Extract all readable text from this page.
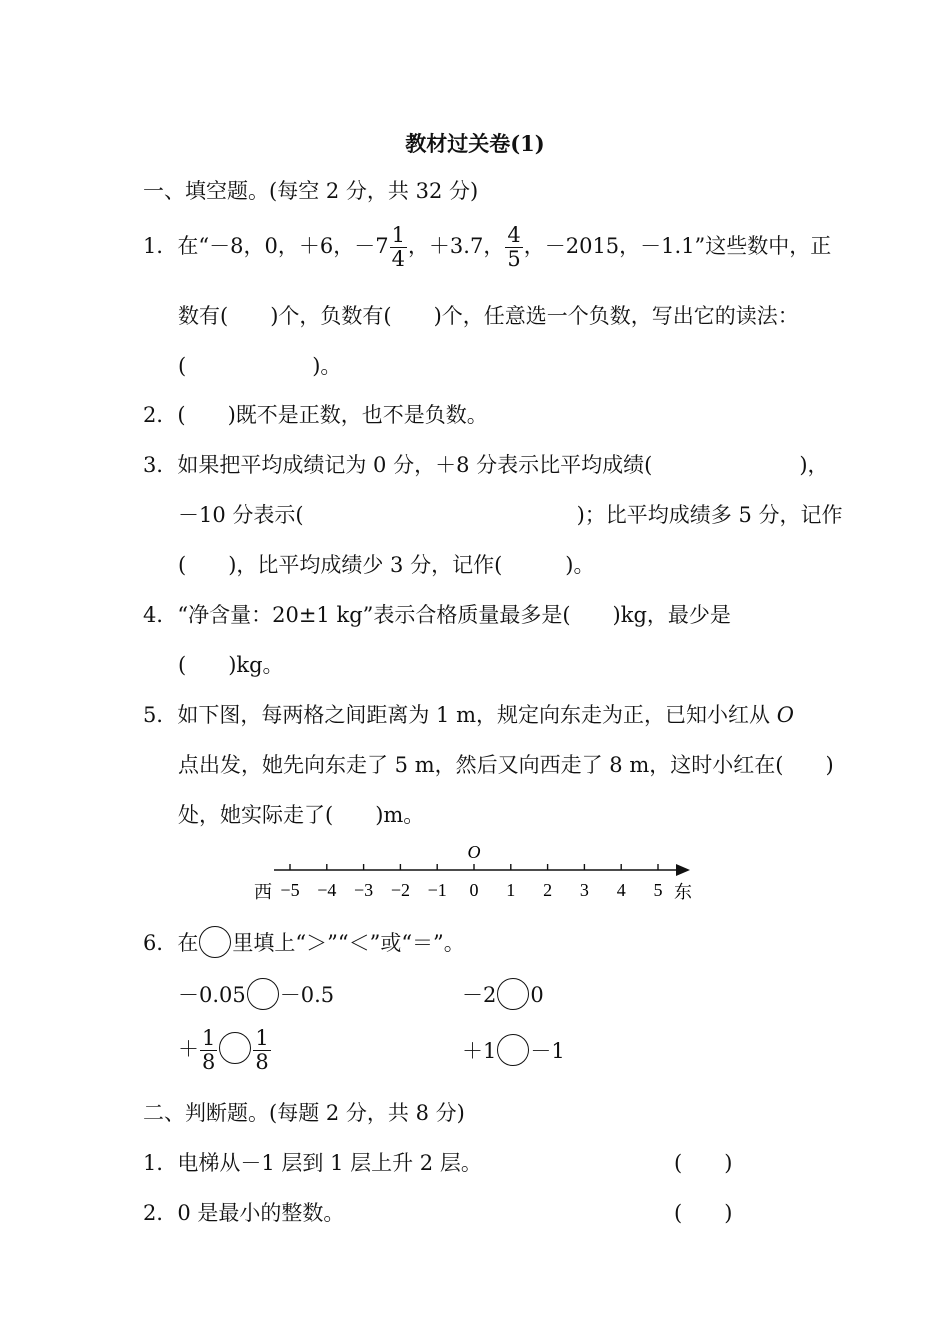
教材过关卷(1)
一、填空题。(每空 2 分，共 32 分)
1．在“－8，0，＋6，$-7 \frac{1}{4}$ ，＋3.7， $\frac{4}{5}$ ，－2015，－1.1”这些数中，正
数有(　　)个，负数有(　　)个，任意选一个负数，写出它的读法：
(　　　　　　)。
2．(　　)既不是正数，也不是负数。
3．如果把平均成绩记为 0 分，＋8 分表示比平均成绩(　　　　　　　)，
－10 分表示(　　　　　　　　　　　　　)；比平均成绩多 5 分，记作
(　　)，比平均成绩少 3 分，记作(　　　)。
4．“净含量：20±1 kg”表示合格质量最多是(　　)kg，最少是
(　　)kg。
5．如下图，每两格之间距离为 1 m，规定向东走为正，已知小红从 O
点出发，她先向东走了 5 m，然后又向西走了 8 m，这时小红在(　　)
处，她实际走了(　　)m。
O
−5 −4 −3 −2 −1 0 1 2 3 4 5
西	东
6．在 里填上“＞”“＜”或“＝”。
－0.05 －0.5	－2 0
＋ $\frac{1}{8} \frac{1}{8}$	＋1 －1
二、判断题。(每题 2 分，共 8 分)
1．电梯从－1 层到 1 层上升 2 层。	(　　)
2．0 是最小的整数。	(　　)
